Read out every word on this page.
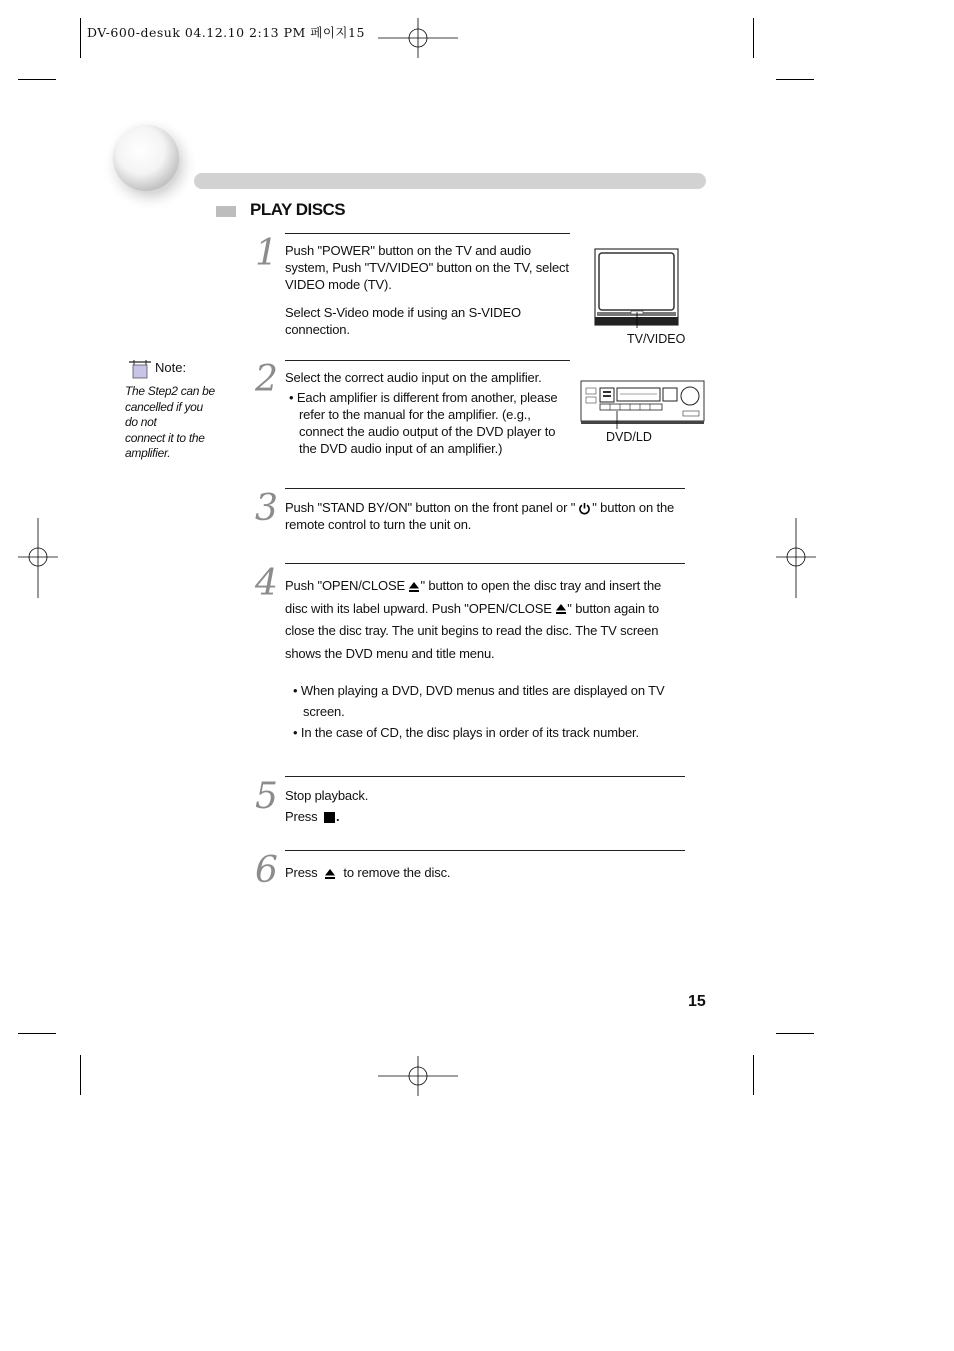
DV-600-desuk 04.12.10 2:13 PM 페이지15
PLAY DISCS
Note:
The Step2 can be
cancelled if you
do not
connect it to the
amplifier.
1 Push "POWER" button on the TV and audio system, Push "TV/VIDEO" button on the TV, select VIDEO mode (TV).
Select S-Video mode if using an S-VIDEO connection.
TV/VIDEO
2 Select the correct audio input on the amplifier.
• Each amplifier is different from another, please refer to the manual for the amplifier. (e.g., connect the audio output of the DVD player to the DVD audio input of an amplifier.)
DVD/LD
3 Push "STAND BY/ON" button on the front panel or " " button on the remote control to turn the unit on.
4 Push "OPEN/CLOSE " button to open the disc tray and insert the disc with its label upward. Push "OPEN/CLOSE " button again to close the disc tray. The unit begins to read the disc. The TV screen shows the DVD menu and title menu.
• When playing a DVD, DVD menus and titles are displayed on TV screen.
• In the case of CD, the disc plays in order of its track number.
5 Stop playback.
Press .
6 Press to remove the disc.
15
